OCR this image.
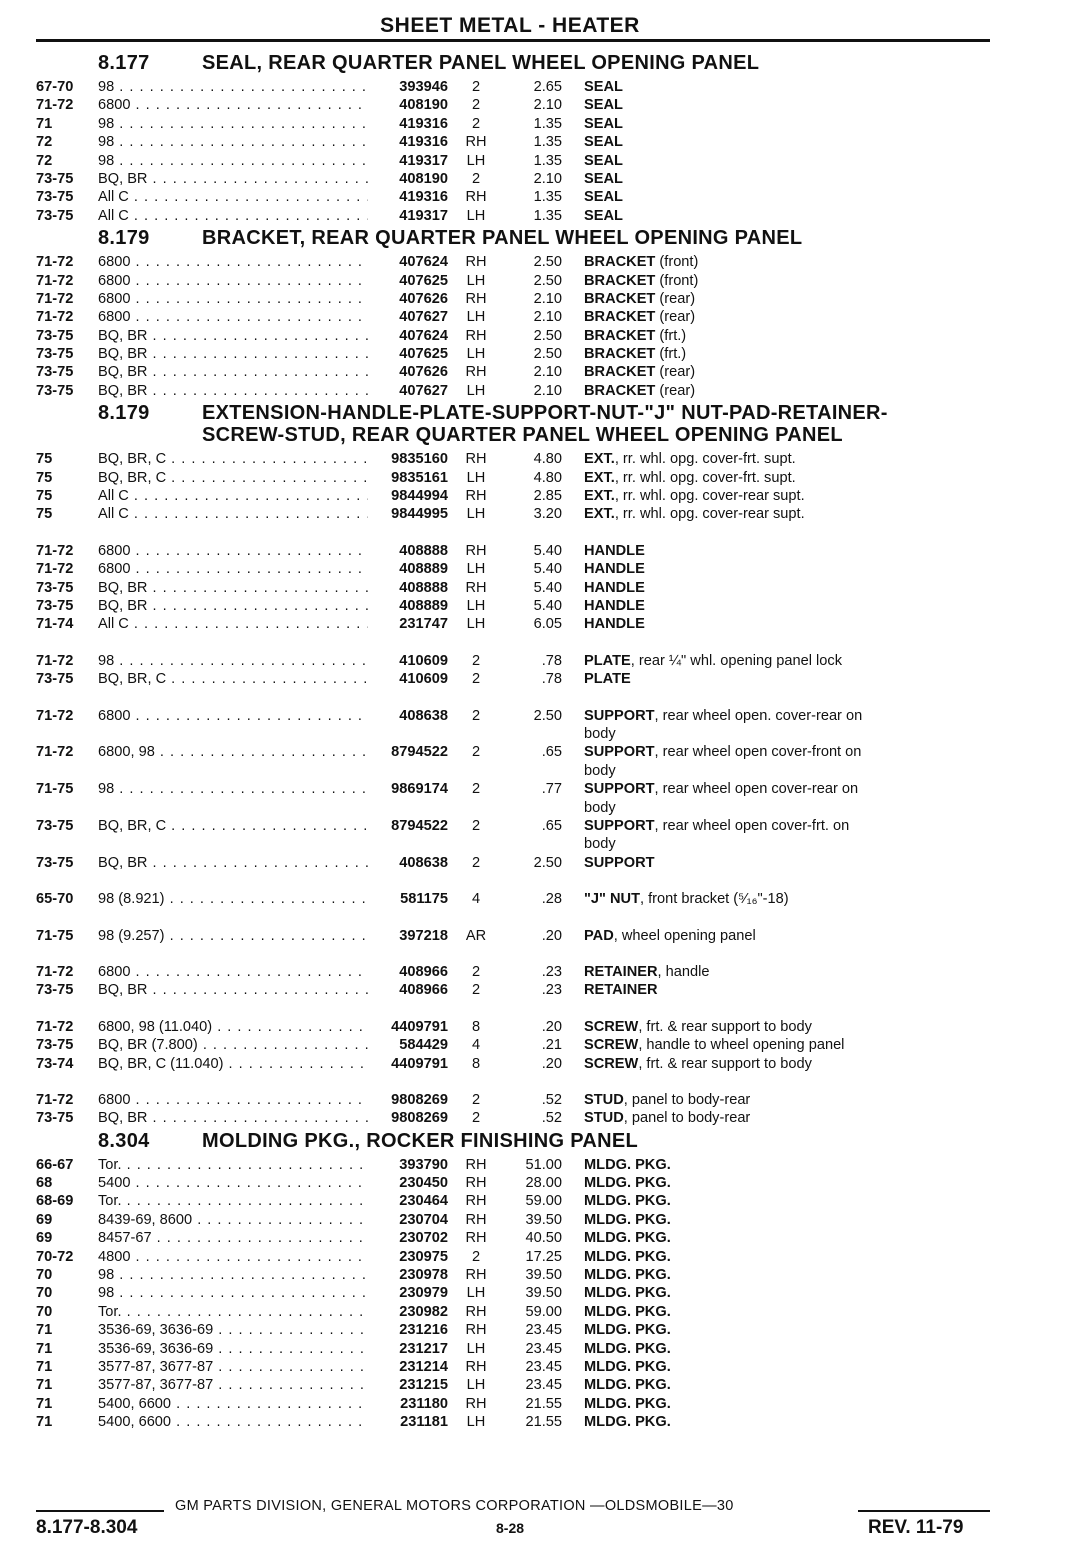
SHEET METAL - HEATER
8.177	SEAL, REAR QUARTER PANEL WHEEL OPENING PANEL
67-70	98 . . .	393946	2	2.65	SEAL
71-72	6800 . . .	408190	2	2.10	SEAL
71	98 . . .	419316	2	1.35	SEAL
72	98 . . .	419316	RH	1.35	SEAL
72	98 . . .	419317	LH	1.35	SEAL
73-75	BQ, BR . . .	408190	2	2.10	SEAL
73-75	All C . . .	419316	RH	1.35	SEAL
73-75	All C . . .	419317	LH	1.35	SEAL
8.179	BRACKET, REAR QUARTER PANEL WHEEL OPENING PANEL
71-72	6800 . . .	407624	RH	2.50	BRACKET (front)
71-72	6800 . . .	407625	LH	2.50	BRACKET (front)
71-72	6800 . . .	407626	RH	2.10	BRACKET (rear)
71-72	6800 . . .	407627	LH	2.10	BRACKET (rear)
73-75	BQ, BR . . .	407624	RH	2.50	BRACKET (frt.)
73-75	BQ, BR . . .	407625	LH	2.50	BRACKET (frt.)
73-75	BQ, BR . . .	407626	RH	2.10	BRACKET (rear)
73-75	BQ, BR . . .	407627	LH	2.10	BRACKET (rear)
8.179	EXTENSION-HANDLE-PLATE-SUPPORT-NUT-"J" NUT-PAD-RETAINER-
SCREW-STUD, REAR QUARTER PANEL WHEEL OPENING PANEL
75	BQ, BR, C . . .	9835160	RH	4.80	EXT., rr. whl. opg. cover-frt. supt.
75	BQ, BR, C . . .	9835161	LH	4.80	EXT., rr. whl. opg. cover-frt. supt.
75	All C . . .	9844994	RH	2.85	EXT., rr. whl. opg. cover-rear supt.
75	All C . . .	9844995	LH	3.20	EXT., rr. whl. opg. cover-rear supt.
71-72	6800 . . .	408888	RH	5.40	HANDLE
71-72	6800 . . .	408889	LH	5.40	HANDLE
73-75	BQ, BR . . .	408888	RH	5.40	HANDLE
73-75	BQ, BR . . .	408889	LH	5.40	HANDLE
71-74	All C . . .	231747	LH	6.05	HANDLE
71-72	98 . . .	410609	2	.78	PLATE, rear ¼" whl. opening panel lock
73-75	BQ, BR, C . . .	410609	2	.78	PLATE
71-72	6800 . . .	408638	2	2.50	SUPPORT, rear wheel open. cover-rear on
body
71-72	6800, 98 . . .	8794522	2	.65	SUPPORT, rear wheel open cover-front on
body
71-75	98 . . .	9869174	2	.77	SUPPORT, rear wheel open cover-rear on
body
73-75	BQ, BR, C . . .	8794522	2	.65	SUPPORT, rear wheel open cover-frt. on
body
73-75	BQ, BR . . .	408638	2	2.50	SUPPORT
65-70	98 (8.921) . . .	581175	4	.28	"J" NUT, front bracket (⁵⁄₁₆"-18)
71-75	98 (9.257) . . .	397218	AR	.20	PAD, wheel opening panel
71-72	6800 . . .	408966	2	.23	RETAINER, handle
73-75	BQ, BR . . .	408966	2	.23	RETAINER
71-72	6800, 98 (11.040) . . .	4409791	8	.20	SCREW, frt. & rear support to body
73-75	BQ, BR (7.800) . . .	584429	4	.21	SCREW, handle to wheel opening panel
73-74	BQ, BR, C (11.040) . . .	4409791	8	.20	SCREW, frt. & rear support to body
71-72	6800 . . .	9808269	2	.52	STUD, panel to body-rear
73-75	BQ, BR . . .	9808269	2	.52	STUD, panel to body-rear
8.304	MOLDING PKG., ROCKER FINISHING PANEL
66-67	Tor. . . .	393790	RH	51.00	MLDG. PKG.
68	5400 . . .	230450	RH	28.00	MLDG. PKG.
68-69	Tor. . . .	230464	RH	59.00	MLDG. PKG.
69	8439-69, 8600 . . .	230704	RH	39.50	MLDG. PKG.
69	8457-67 . . .	230702	RH	40.50	MLDG. PKG.
70-72	4800 . . .	230975	2	17.25	MLDG. PKG.
70	98 . . .	230978	RH	39.50	MLDG. PKG.
70	98 . . .	230979	LH	39.50	MLDG. PKG.
70	Tor. . . .	230982	RH	59.00	MLDG. PKG.
71	3536-69, 3636-69 . . .	231216	RH	23.45	MLDG. PKG.
71	3536-69, 3636-69 . . .	231217	LH	23.45	MLDG. PKG.
71	3577-87, 3677-87 . . .	231214	RH	23.45	MLDG. PKG.
71	3577-87, 3677-87 . . .	231215	LH	23.45	MLDG. PKG.
71	5400, 6600 . . .	231180	RH	21.55	MLDG. PKG.
71	5400, 6600 . . .	231181	LH	21.55	MLDG. PKG.
GM PARTS DIVISION, GENERAL MOTORS CORPORATION —OLDSMOBILE—30
8.177-8.304	8-28	REV. 11-79
